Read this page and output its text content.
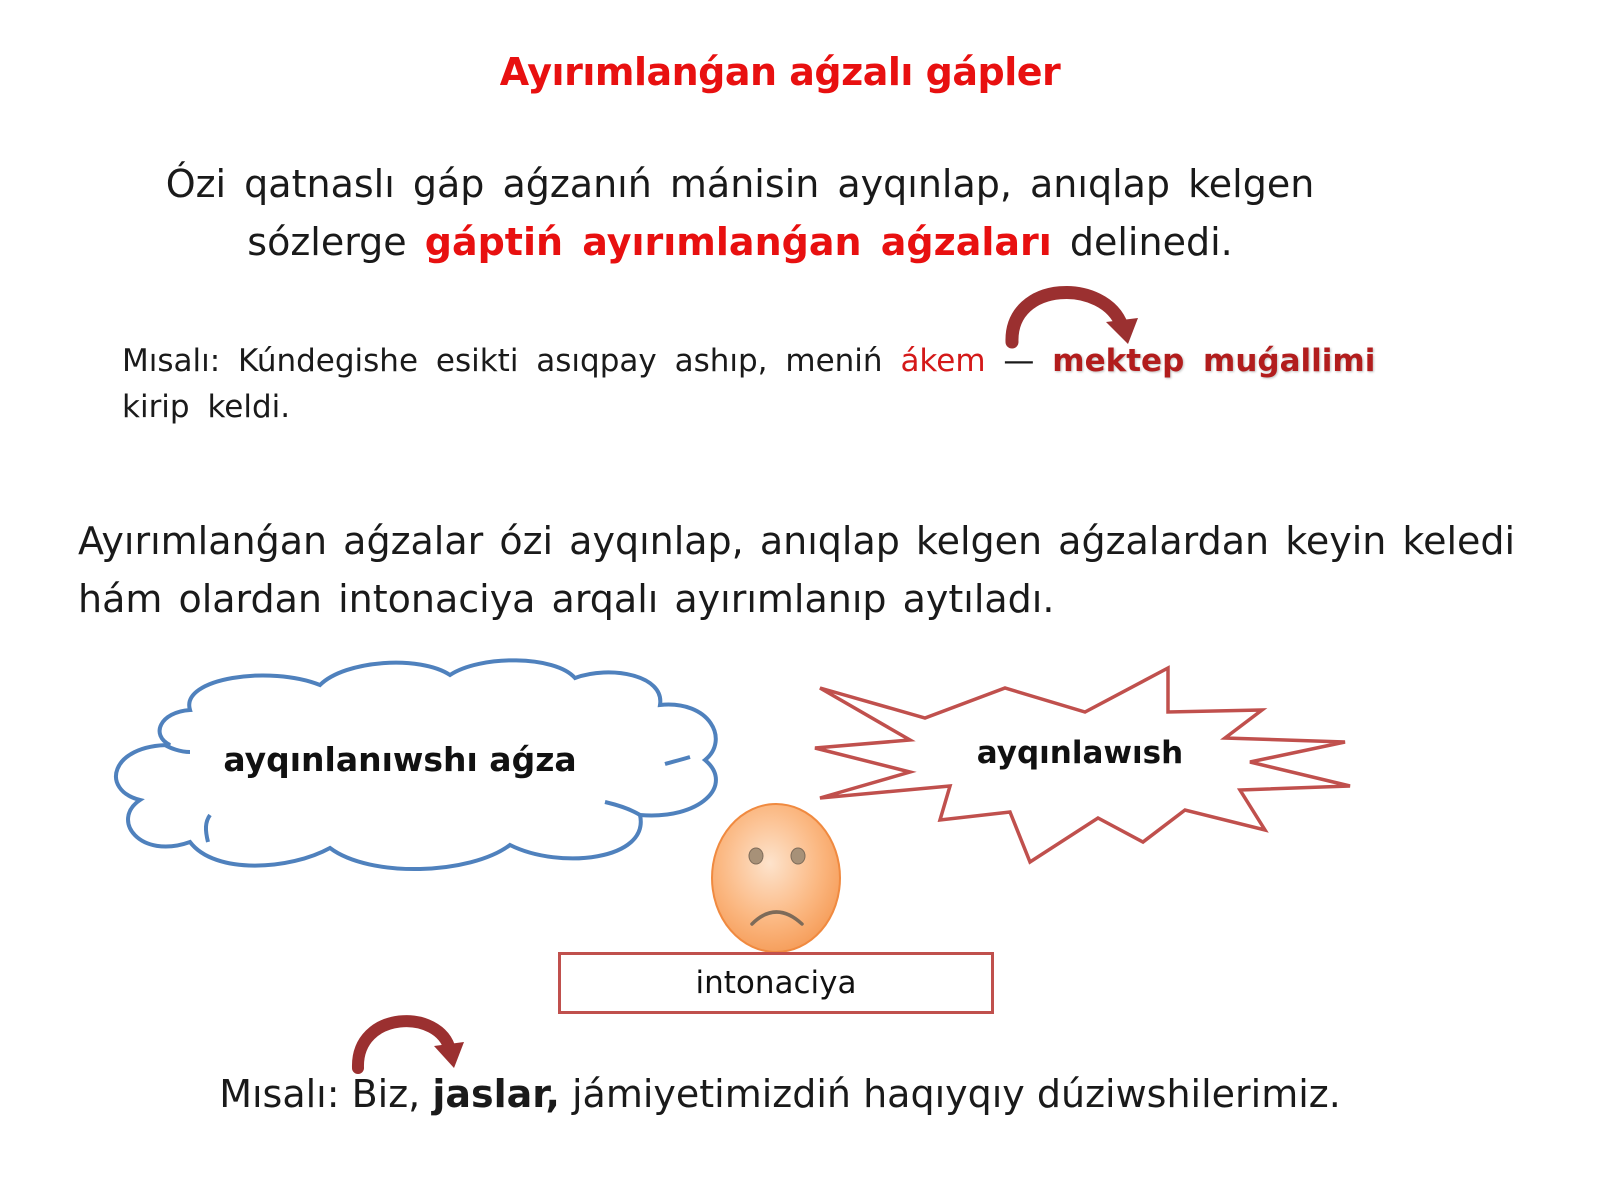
Ayırımlanǵan aǵzalı gápler
Ózi qatnaslı gáp aǵzanıń mánisin ayqınlap, anıqlap kelgen sózlerge gáptiń ayırımlanǵan aǵzaları delinedi.
Mısalı: Kúndegishe esikti asıqpay ashıp, meniń ákem — mektep muǵallimi kirip keldi.
Ayırımlanǵan aǵzalar ózi ayqınlap, anıqlap kelgen aǵzalardan keyin keledi hám olardan intonaciya arqalı ayırımlanıp aytıladı.
ayqınlanıwshı aǵza	ayqınlawısh
intonaciya
Mısalı: Biz, jaslar, jámiyetimizdiń haqıyqıy dúziwshilerimiz.
